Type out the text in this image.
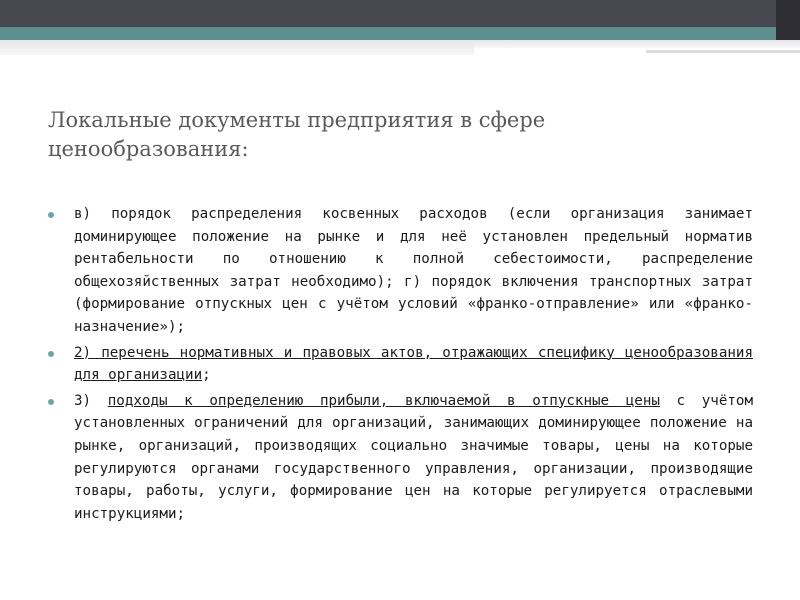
Локальные документы предприятия в сфере ценообразования:
в) порядок распределения косвенных расходов (если организация занимает доминирующее положение на рынке и для неё установлен предельный норматив рентабельности по отношению к полной себестоимости, распределение общехозяйственных затрат необходимо); г) порядок включения транспортных затрат (формирование отпускных цен с учётом условий «франко-отправление» или «франко-назначение»);
2) перечень нормативных и правовых актов, отражающих специфику ценообразования для организации;
3) подходы к определению прибыли, включаемой в отпускные цены с учётом установленных ограничений для организаций, занимающих доминирующее положение на рынке, организаций, производящих социально значимые товары, цены на которые регулируются органами государственного управления, организации, производящие товары, работы, услуги, формирование цен на которые регулируется отраслевыми инструкциями;
